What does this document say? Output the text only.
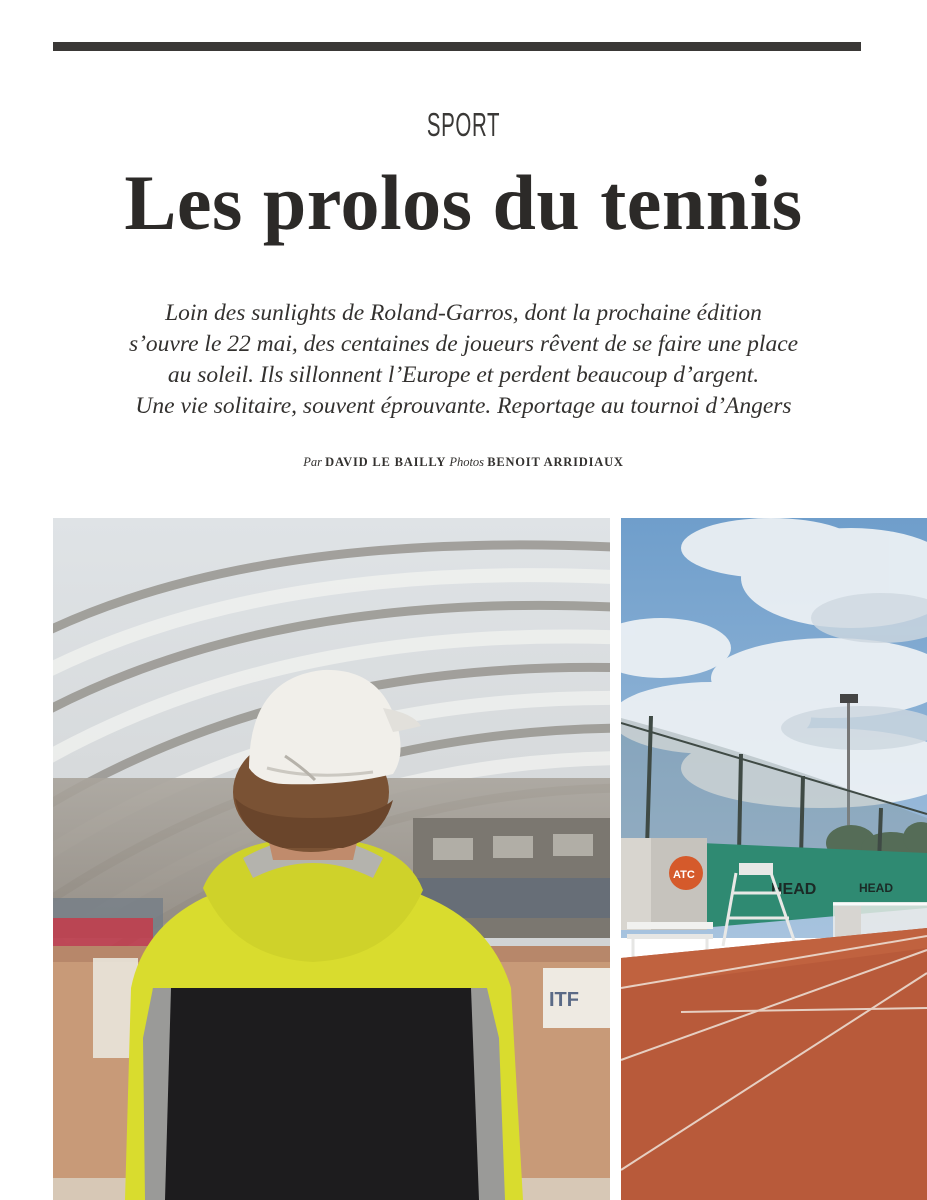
SPORT
Les prolos du tennis

Loin des sunlights de Roland-Garros, dont la prochaine édition
s’ouvre le 22 mai, des centaines de joueurs rêvent de se faire une place
au soleil. Ils sillonnent l’Europe et perdent beaucoup d’argent.
Une vie solitaire, souvent éprouvante. Reportage au tournoi d’Angers

Par DAVID LE BAILLY Photos BENOIT ARRIDIAUX
ITF
HEAD	HEAD
ATC
